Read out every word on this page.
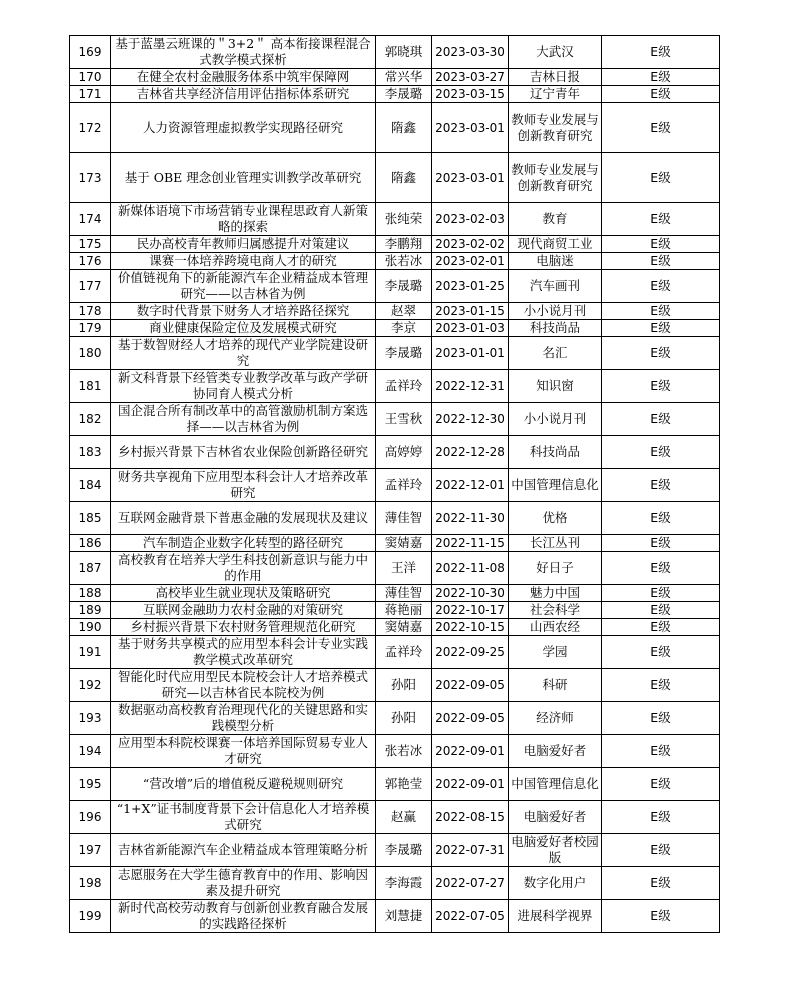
169	基于蓝墨云班课的＂3+2＂ 高本衔接课程混合式教学模式探析	郭晓琪	2023-03-30	大武汉	E级
170	在健全农村金融服务体系中筑牢保障网	常兴华	2023-03-27	吉林日报	E级
171	吉林省共享经济信用评估指标体系研究	李晟璐	2023-03-15	辽宁青年	E级
172	人力资源管理虚拟教学实现路径研究	隋鑫	2023-03-01	教师专业发展与创新教育研究	E级
173	基于 OBE 理念创业管理实训教学改革研究	隋鑫	2023-03-01	教师专业发展与创新教育研究	E级
174	新媒体语境下市场营销专业课程思政育人新策略的探索	张纯荣	2023-02-03	教育	E级
175	民办高校青年教师归属感提升对策建议	李鹏翔	2023-02-02	现代商贸工业	E级
176	课赛一体培养跨境电商人才的研究	张若冰	2023-02-01	电脑迷	E级
177	价值链视角下的新能源汽车企业精益成本管理研究——以吉林省为例	李晟璐	2023-01-25	汽车画刊	E级
178	数字时代背景下财务人才培养路径探究	赵翠	2023-01-15	小小说月刊	E级
179	商业健康保险定位及发展模式研究	李京	2023-01-03	科技尚品	E级
180	基于数智财经人才培养的现代产业学院建设研究	李晟璐	2023-01-01	名汇	E级
181	新文科背景下经管类专业教学改革与政产学研协同育人模式分析	孟祥玲	2022-12-31	知识窗	E级
182	国企混合所有制改革中的高管激励机制方案选择——以吉林省为例	王雪秋	2022-12-30	小小说月刊	E级
183	乡村振兴背景下吉林省农业保险创新路径研究	高婷婷	2022-12-28	科技尚品	E级
184	财务共享视角下应用型本科会计人才培养改革研究	孟祥玲	2022-12-01	中国管理信息化	E级
185	互联网金融背景下普惠金融的发展现状及建议	薄佳智	2022-11-30	优格	E级
186	汽车制造企业数字化转型的路径研究	窦婧嘉	2022-11-15	长江丛刊	E级
187	高校教育在培养大学生科技创新意识与能力中的作用	王洋	2022-11-08	好日子	E级
188	高校毕业生就业现状及策略研究	薄佳智	2022-10-30	魅力中国	E级
189	互联网金融助力农村金融的对策研究	蒋艳丽	2022-10-17	社会科学	E级
190	乡村振兴背景下农村财务管理规范化研究	窦婧嘉	2022-10-15	山西农经	E级
191	基于财务共享模式的应用型本科会计专业实践教学模式改革研究	孟祥玲	2022-09-25	学园	E级
192	智能化时代应用型民本院校会计人才培养模式研究—以吉林省民本院校为例	孙阳	2022-09-05	科研	E级
193	数据驱动高校教育治理现代化的关键思路和实践模型分析	孙阳	2022-09-05	经济师	E级
194	应用型本科院校课赛一体培养国际贸易专业人才研究	张若冰	2022-09-01	电脑爱好者	E级
195	“营改增”后的增值税反避税规则研究	郭艳莹	2022-09-01	中国管理信息化	E级
196	“1+X”证书制度背景下会计信息化人才培养模式研究	赵赢	2022-08-15	电脑爱好者	E级
197	吉林省新能源汽车企业精益成本管理策略分析	李晟璐	2022-07-31	电脑爱好者校园版	E级
198	志愿服务在大学生德育教育中的作用、影响因素及提升研究	李海霞	2022-07-27	数字化用户	E级
199	新时代高校劳动教育与创新创业教育融合发展的实践路径探析	刘慧捷	2022-07-05	进展科学视界	E级
